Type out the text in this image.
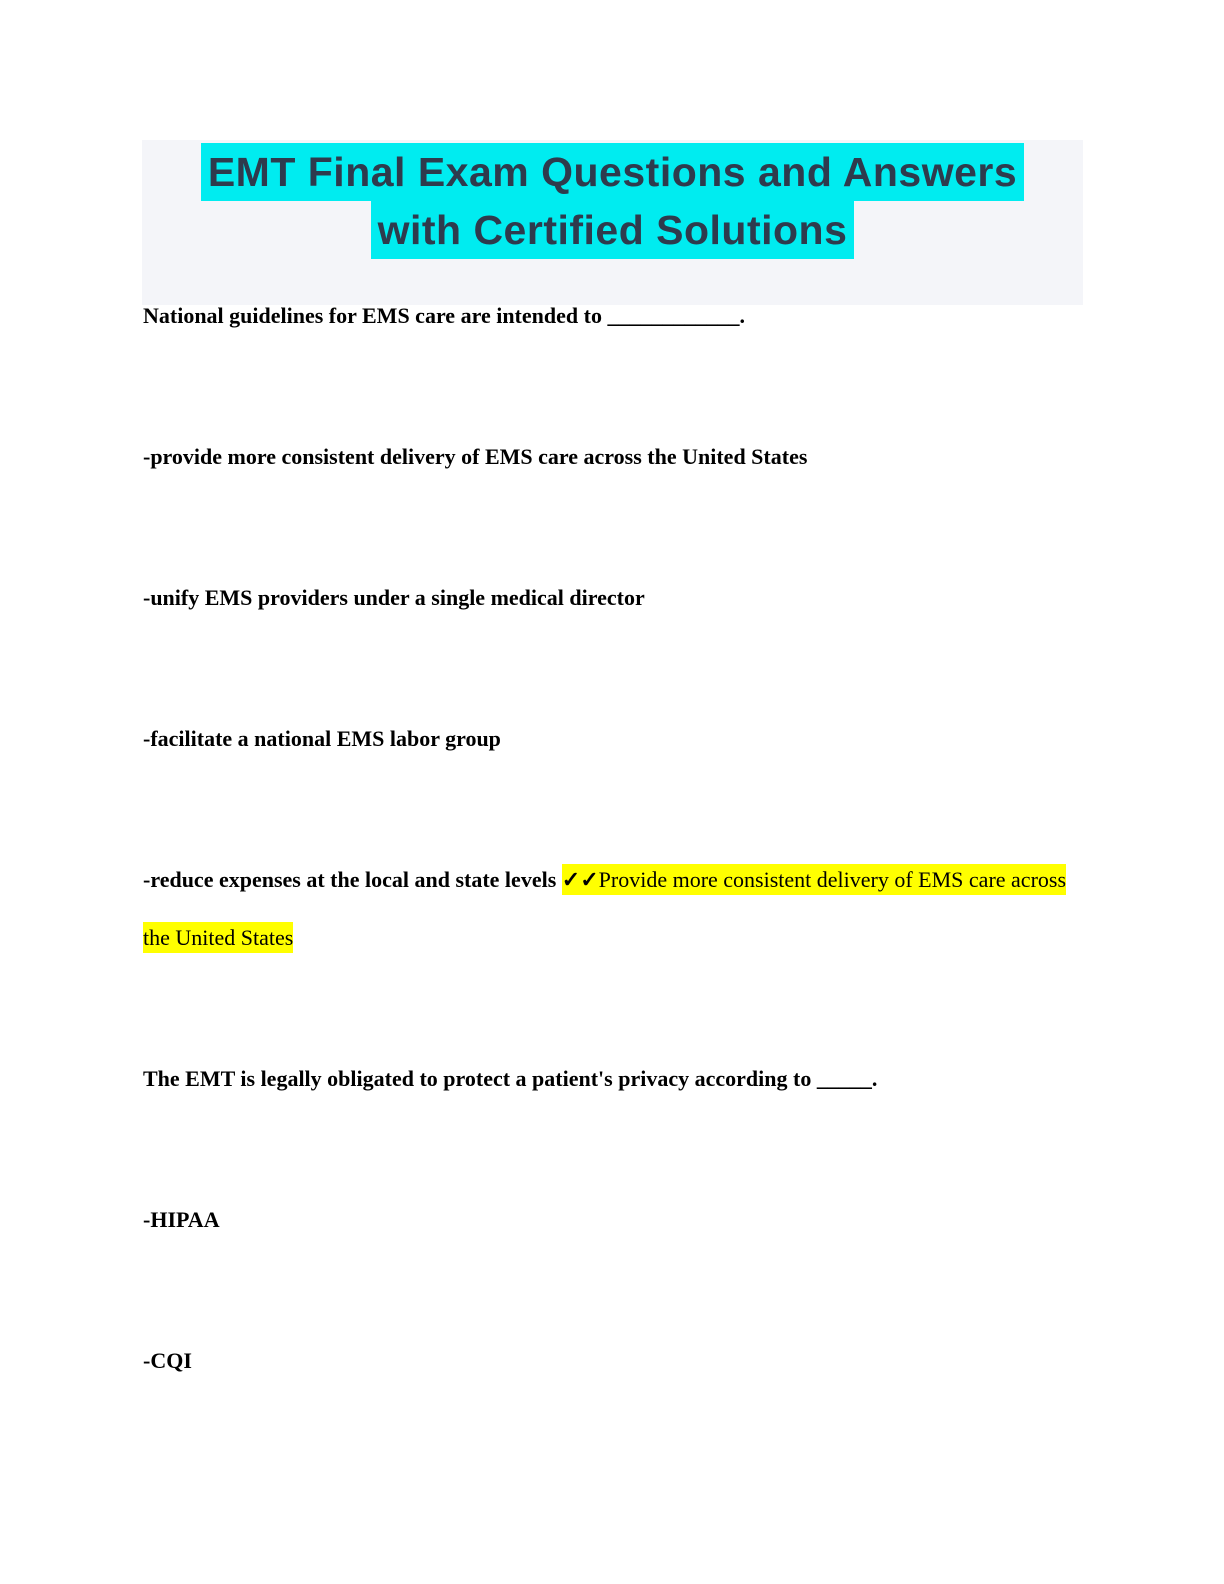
EMT Final Exam Questions and Answers
with Certified Solutions

National guidelines for EMS care are intended to ____________.

-provide more consistent delivery of EMS care across the United States

-unify EMS providers under a single medical director

-facilitate a national EMS labor group

-reduce expenses at the local and state levels ✓✓Provide more consistent delivery of EMS care across the United States

The EMT is legally obligated to protect a patient's privacy according to _____.

-HIPAA

-CQI
